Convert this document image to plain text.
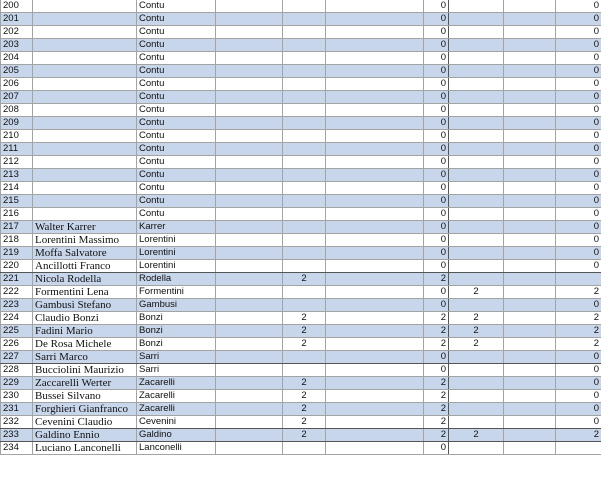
200		Contu				0			0
201		Contu				0			0
202		Contu				0			0
203		Contu				0			0
204		Contu				0			0
205		Contu				0			0
206		Contu				0			0
207		Contu				0			0
208		Contu				0			0
209		Contu				0			0
210		Contu				0			0
211		Contu				0			0
212		Contu				0			0
213		Contu				0			0
214		Contu				0			0
215		Contu				0			0
216		Contu				0			0
217	Walter Karrer	Karrer				0			0
218	Lorentini Massimo	Lorentini				0			0
219	Moffa Salvatore	Lorentini				0			0
220	Ancillotti Franco	Lorentini				0			0
221	Nicola Rodella	Rodella		2		2			
222	Formentini Lena	Formentini				0	2		2
223	Gambusi Stefano	Gambusi				0			0
224	Claudio Bonzi	Bonzi		2		2	2		2
225	Fadini Mario	Bonzi		2		2	2		2
226	De Rosa Michele	Bonzi		2		2	2		2
227	Sarri Marco	Sarri				0			0
228	Bucciolini Maurizio	Sarri				0			0
229	Zaccarelli Werter	Zacarelli		2		2			0
230	Bussei Silvano	Zacarelli		2		2			0
231	Forghieri Gianfranco	Zacarelli		2		2			0
232	Cevenini Claudio	Cevenini		2		2			0
233	Galdino Ennio	Galdino		2		2	2		2
234	Luciano Lanconelli	Lanconelli				0			
